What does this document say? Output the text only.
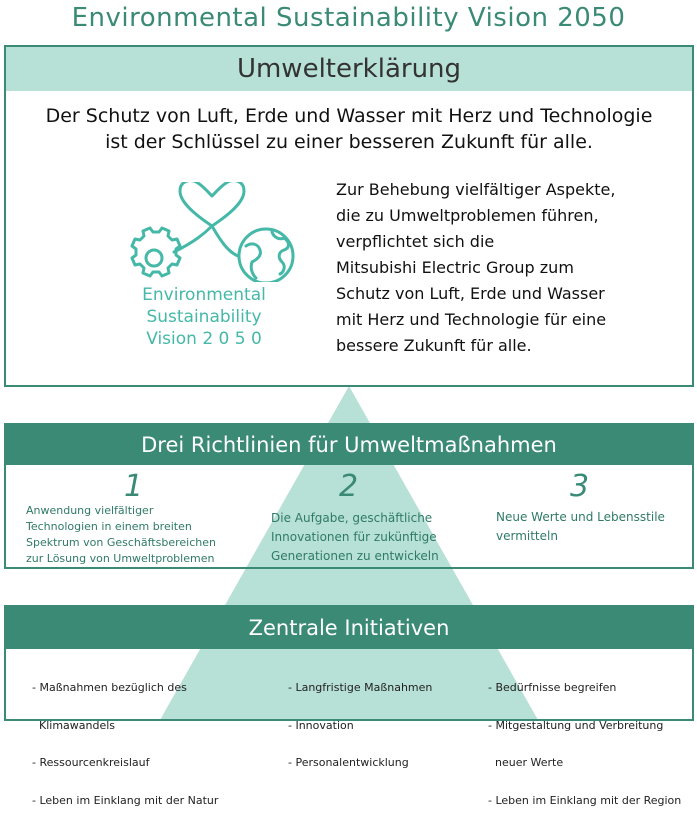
Environmental Sustainability Vision 2050
Umwelterklärung
Der Schutz von Luft, Erde und Wasser mit Herz und Technologie
ist der Schlüssel zu einer besseren Zukunft für alle.
Environmental
Sustainability
Vision 2 0 5 0
Zur Behebung vielfältiger Aspekte,
die zu Umweltproblemen führen,
verpflichtet sich die
Mitsubishi Electric Group zum
Schutz von Luft, Erde und Wasser
mit Herz und Technologie für eine
bessere Zukunft für alle.
Drei Richtlinien für Umweltmaßnahmen
1
Anwendung vielfältiger
Technologien in einem breiten
Spektrum von Geschäftsbereichen
zur Lösung von Umweltproblemen
2
Die Aufgabe, geschäftliche
Innovationen für zukünftige
Generationen zu entwickeln
3
Neue Werte und Lebensstile
vermitteln
Zentrale Initiativen

- Maßnahmen bezüglich des

Klimawandels

- Ressourcenkreislauf

- Leben im Einklang mit der Natur

- Langfristige Maßnahmen

- Innovation

- Personalentwicklung

- Bedürfnisse begreifen

- Mitgestaltung und Verbreitung

neuer Werte

- Leben im Einklang mit der Region
